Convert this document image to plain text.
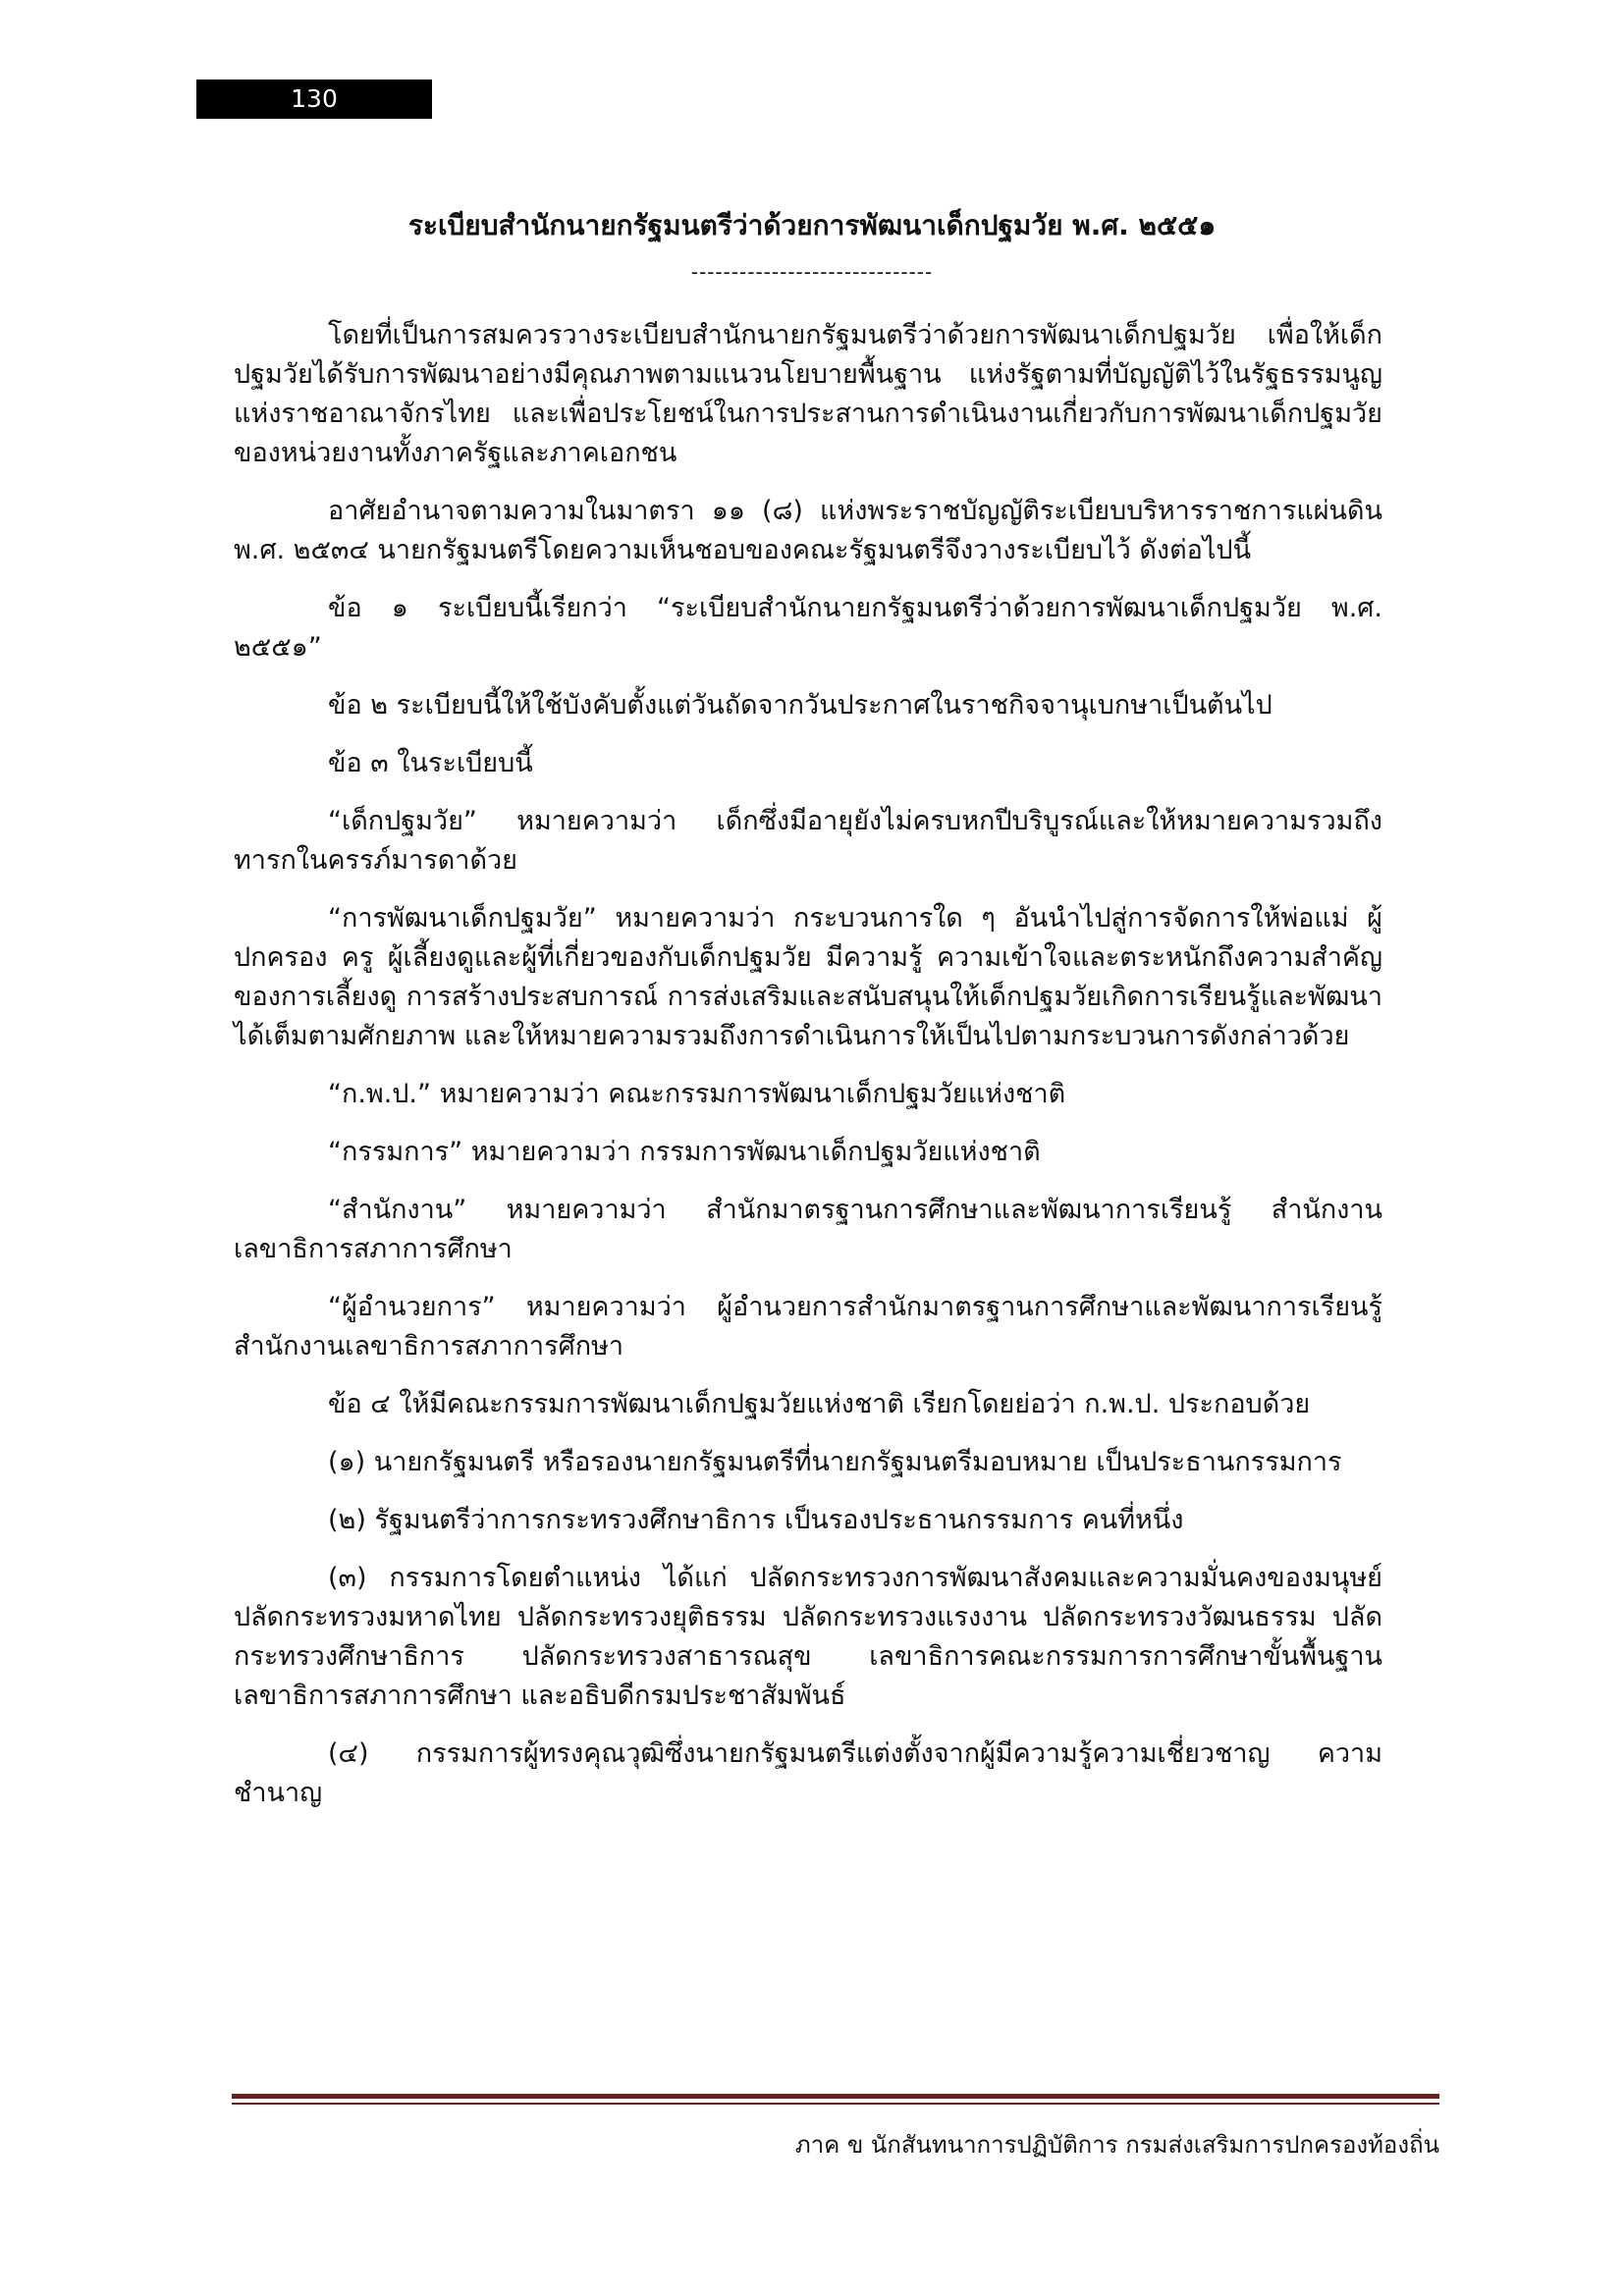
130
ระเบียบสำนักนายกรัฐมนตรีว่าด้วยการพัฒนาเด็กปฐมวัย พ.ศ. ๒๕๕๑
------------------------------

โดยที่เป็นการสมควรวางระเบียบสำนักนายกรัฐมนตรีว่าด้วยการพัฒนาเด็กปฐมวัย เพื่อให้เด็กปฐมวัยได้รับการพัฒนาอย่างมีคุณภาพตามแนวนโยบายพื้นฐาน แห่งรัฐตามที่บัญญัติไว้ในรัฐธรรมนูญแห่งราชอาณาจักรไทย และเพื่อประโยชน์ในการประสานการดำเนินงานเกี่ยวกับการพัฒนาเด็กปฐมวัยของหน่วยงานทั้งภาครัฐและภาคเอกชน

อาศัยอำนาจตามความในมาตรา ๑๑ (๘) แห่งพระราชบัญญัติระเบียบบริหารราชการแผ่นดิน พ.ศ. ๒๕๓๔ นายกรัฐมนตรีโดยความเห็นชอบของคณะรัฐมนตรีจึงวางระเบียบไว้ ดังต่อไปนี้

ข้อ ๑ ระเบียบนี้เรียกว่า “ระเบียบสำนักนายกรัฐมนตรีว่าด้วยการพัฒนาเด็กปฐมวัย พ.ศ. ๒๕๕๑”

ข้อ ๒ ระเบียบนี้ให้ใช้บังคับตั้งแต่วันถัดจากวันประกาศในราชกิจจานุเบกษาเป็นต้นไป

ข้อ ๓ ในระเบียบนี้

“เด็กปฐมวัย” หมายความว่า เด็กซึ่งมีอายุยังไม่ครบหกปีบริบูรณ์และให้หมายความรวมถึงทารกในครรภ์มารดาด้วย

“การพัฒนาเด็กปฐมวัย” หมายความว่า กระบวนการใด ๆ อันนำไปสู่การจัดการให้พ่อแม่ ผู้ปกครอง ครู ผู้เลี้ยงดูและผู้ที่เกี่ยวของกับเด็กปฐมวัย มีความรู้ ความเข้าใจและตระหนักถึงความสำคัญของการเลี้ยงดู การสร้างประสบการณ์ การส่งเสริมและสนับสนุนให้เด็กปฐมวัยเกิดการเรียนรู้และพัฒนาได้เต็มตามศักยภาพ และให้หมายความรวมถึงการดำเนินการให้เป็นไปตามกระบวนการดังกล่าวด้วย

“ก.พ.ป.” หมายความว่า คณะกรรมการพัฒนาเด็กปฐมวัยแห่งชาติ

“กรรมการ” หมายความว่า กรรมการพัฒนาเด็กปฐมวัยแห่งชาติ

“สำนักงาน” หมายความว่า สำนักมาตรฐานการศึกษาและพัฒนาการเรียนรู้ สำนักงานเลขาธิการสภาการศึกษา

“ผู้อำนวยการ” หมายความว่า ผู้อำนวยการสำนักมาตรฐานการศึกษาและพัฒนาการเรียนรู้ สำนักงานเลขาธิการสภาการศึกษา

ข้อ ๔ ให้มีคณะกรรมการพัฒนาเด็กปฐมวัยแห่งชาติ เรียกโดยย่อว่า ก.พ.ป. ประกอบด้วย

(๑) นายกรัฐมนตรี หรือรองนายกรัฐมนตรีที่นายกรัฐมนตรีมอบหมาย เป็นประธานกรรมการ

(๒) รัฐมนตรีว่าการกระทรวงศึกษาธิการ เป็นรองประธานกรรมการ คนที่หนึ่ง

(๓) กรรมการโดยตำแหน่ง ได้แก่ ปลัดกระทรวงการพัฒนาสังคมและความมั่นคงของมนุษย์ ปลัดกระทรวงมหาดไทย ปลัดกระทรวงยุติธรรม ปลัดกระทรวงแรงงาน ปลัดกระทรวงวัฒนธรรม ปลัดกระทรวงศึกษาธิการ ปลัดกระทรวงสาธารณสุข เลขาธิการคณะกรรมการการศึกษาขั้นพื้นฐาน เลขาธิการสภาการศึกษา และอธิบดีกรมประชาสัมพันธ์

(๔) กรรมการผู้ทรงคุณวุฒิซึ่งนายกรัฐมนตรีแต่งตั้งจากผู้มีความรู้ความเชี่ยวชาญ ความชำนาญ

ภาค ข นักสันทนาการปฏิบัติการ กรมส่งเสริมการปกครองท้องถิ่น
